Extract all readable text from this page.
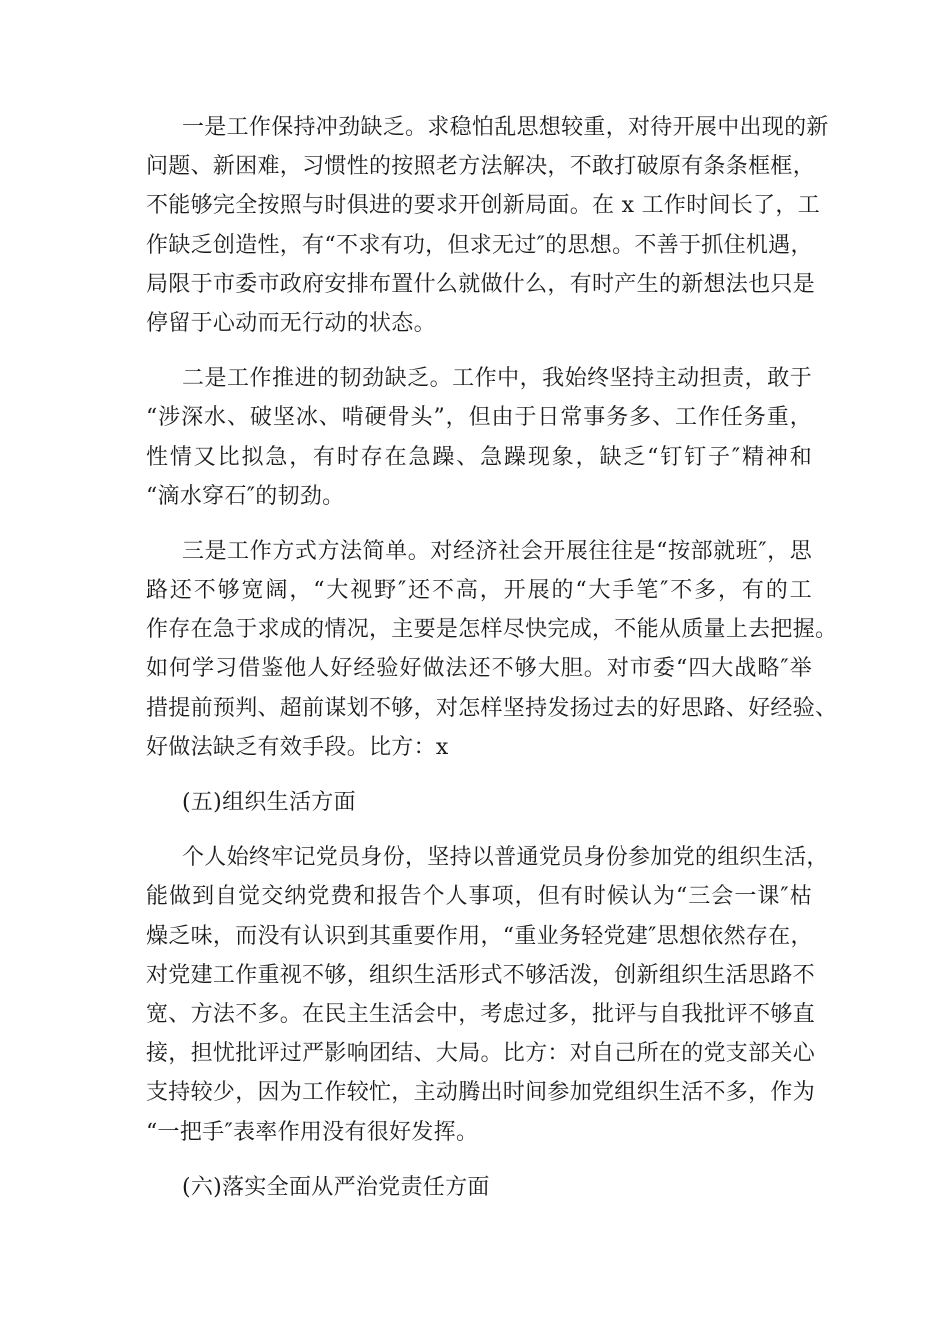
一是工作保持冲劲缺乏。求稳怕乱思想较重，对待开展中出现的新
问题、新困难，习惯性的按照老方法解决，不敢打破原有条条框框，
不能够完全按照与时俱进的要求开创新局面。在 x 工作时间长了，工
作缺乏创造性，有“不求有功，但求无过″的思想。不善于抓住机遇，
局限于市委市政府安排布置什么就做什么，有时产生的新想法也只是
停留于心动而无行动的状态。
二是工作推进的韧劲缺乏。工作中，我始终坚持主动担责，敢于
“涉深水、破坚冰、啃硬骨头”，但由于日常事务多、工作任务重，
性情又比拟急，有时存在急躁、急躁现象，缺乏“钉钉子″精神和
“滴水穿石″的韧劲。
三是工作方式方法简单。对经济社会开展往往是“按部就班″，思
路还不够宽阔，“大视野″还不高，开展的“大手笔″不多，有的工
作存在急于求成的情况，主要是怎样尽快完成，不能从质量上去把握。
如何学习借鉴他人好经验好做法还不够大胆。对市委“四大战略″举
措提前预判、超前谋划不够，对怎样坚持发扬过去的好思路、好经验、
好做法缺乏有效手段。比方：x
(五)组织生活方面
个人始终牢记党员身份，坚持以普通党员身份参加党的组织生活，
能做到自觉交纳党费和报告个人事项，但有时候认为“三会一课″枯
燥乏味，而没有认识到其重要作用，“重业务轻党建″思想依然存在，
对党建工作重视不够，组织生活形式不够活泼，创新组织生活思路不
宽、方法不多。在民主生活会中，考虑过多，批评与自我批评不够直
接，担忧批评过严影响团结、大局。比方：对自己所在的党支部关心
支持较少，因为工作较忙，主动腾出时间参加党组织生活不多，作为
“一把手″表率作用没有很好发挥。
(六)落实全面从严治党责任方面
